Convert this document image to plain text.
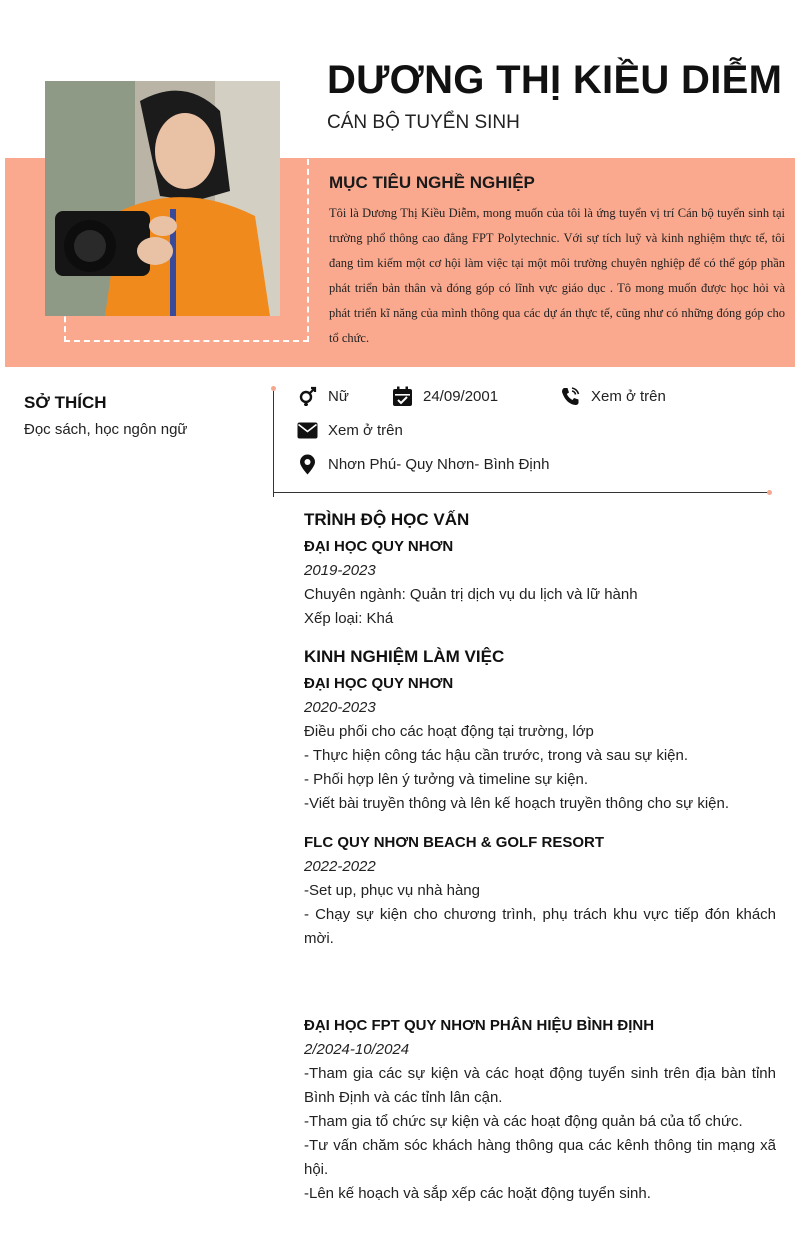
DƯƠNG THỊ KIỀU DIỄM
CÁN BỘ TUYỂN SINH
MỤC TIÊU NGHỀ NGHIỆP
Tôi là Dương Thị Kiều Diễm, mong muốn của tôi là ứng tuyển vị trí Cán bộ tuyển sinh tại trường phổ thông cao đẳng FPT Polytechnic. Với sự tích luỹ và kinh nghiệm thực tế, tôi đang tìm kiếm một cơ hội làm việc tại một môi trường chuyên nghiệp để có thể góp phần phát triển bản thân và đóng góp có lĩnh vực giáo dục . Tô mong muốn được học hỏi và phát triển kĩ năng của mình thông qua các dự án thực tế, cũng như có những đóng góp cho tổ chức.
SỞ THÍCH
Đọc sách, học ngôn ngữ
Nữ	24/09/2001	Xem ở trên
Xem ở trên
Nhơn Phú- Quy Nhơn- Bình Định
TRÌNH ĐỘ HỌC VẤN
ĐẠI HỌC QUY NHƠN
2019-2023
Chuyên ngành: Quản trị dịch vụ du lịch và lữ hành
Xếp loại: Khá
KINH NGHIỆM LÀM VIỆC
ĐẠI HỌC QUY NHƠN
2020-2023
Điều phối cho các hoạt động tại trường, lớp
- Thực hiện công tác hậu cần trước, trong và sau sự kiện.
- Phối hợp lên ý tưởng và timeline sự kiện.
-Viết bài truyền thông và lên kế hoạch truyền thông cho sự kiện.
FLC QUY NHƠN BEACH & GOLF RESORT
2022-2022
-Set up, phục vụ nhà hàng
- Chạy sự kiện cho chương trình, phụ trách khu vực tiếp đón khách mời.
ĐẠI HỌC FPT QUY NHƠN PHÂN HIỆU BÌNH ĐỊNH
2/2024-10/2024
-Tham gia các sự kiện và các hoạt động tuyển sinh trên địa bàn tỉnh Bình Định và các tỉnh lân cận.
-Tham gia tổ chức sự kiện và các hoạt động quản bá của tổ chức.
-Tư vấn chăm sóc khách hàng thông qua các kênh thông tin mạng xã hội.
-Lên kế hoạch và sắp xếp các hoặt động tuyển sinh.
